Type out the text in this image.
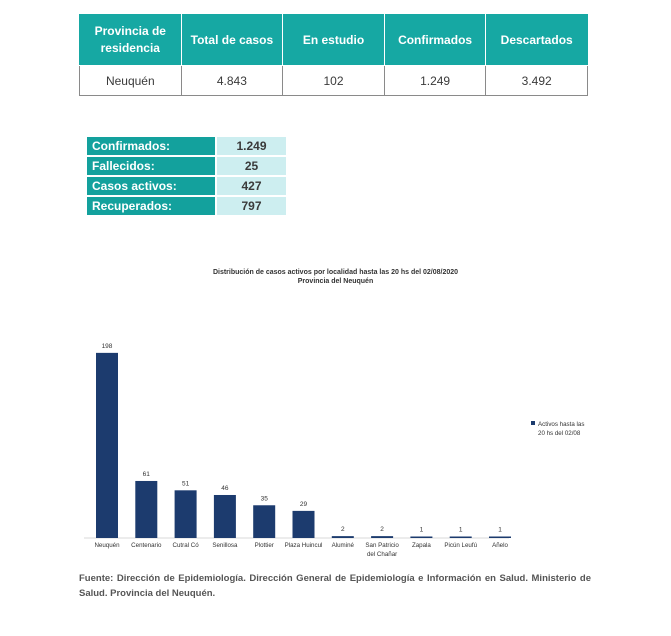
Provincia de residencia	Total de casos	En estudio	Confirmados	Descartados
Neuquén	4.843	102	1.249	3.492
Confirmados:	1.249
Fallecidos:	25
Casos activos:	427
Recuperados:	797
Distribución de casos activos por localidad hasta las 20 hs del 02/08/2020
Provincia del Neuquén
198
Neuquén
61
Centenario
51
Cutral Có
46
Senillosa
35
Plottier
29
Plaza Huincul
2
Aluminé
2
San Patricio
del Chañar
1
Zapala
1
Picún Leufú
1
Añelo
Activos hasta las
20 hs del 02/08
Fuente: Dirección de Epidemiología. Dirección General de Epidemiología e Información en Salud. Ministerio de Salud. Provincia del Neuquén.
